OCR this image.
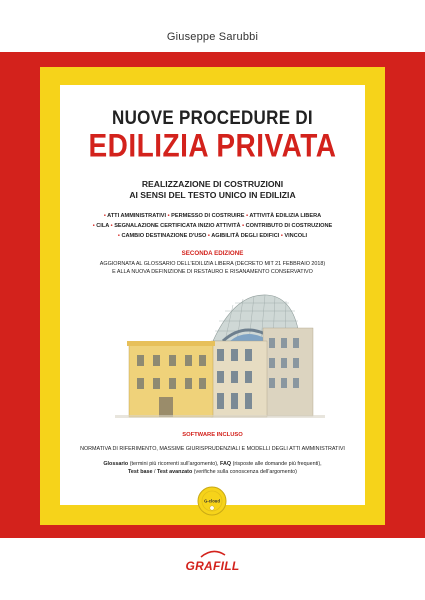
Giuseppe Sarubbi
NUOVE PROCEDURE DI
EDILIZIA PRIVATA
REALIZZAZIONE DI COSTRUZIONI
AI SENSI DEL TESTO UNICO IN EDILIZIA
• ATTI AMMINISTRATIVI • PERMESSO DI COSTRUIRE • ATTIVITÀ EDILIZIA LIBERA
• CILA • SEGNALAZIONE CERTIFICATA INIZIO ATTIVITÀ • CONTRIBUTO DI COSTRUZIONE
• CAMBIO DESTINAZIONE D'USO • AGIBILITÀ DEGLI EDIFICI • VINCOLI
SECONDA EDIZIONE
AGGIORNATA AL GLOSSARIO DELL'EDILIZIA LIBERA (DECRETO MIT 21 FEBBRAIO 2018)
E ALLA NUOVA DEFINIZIONE DI RESTAURO E RISANAMENTO CONSERVATIVO
SOFTWARE INCLUSO
NORMATIVA DI RIFERIMENTO, MASSIME GIURISPRUDENZIALI E MODELLI DEGLI ATTI AMMINISTRATIVI
Glossario (termini più ricorrenti sull'argomento), FAQ (risposte alle domande più frequenti),
Test base / Test avanzato (verifiche sulla conoscenza dell'argomento)
G-cloud
GRAFILL
